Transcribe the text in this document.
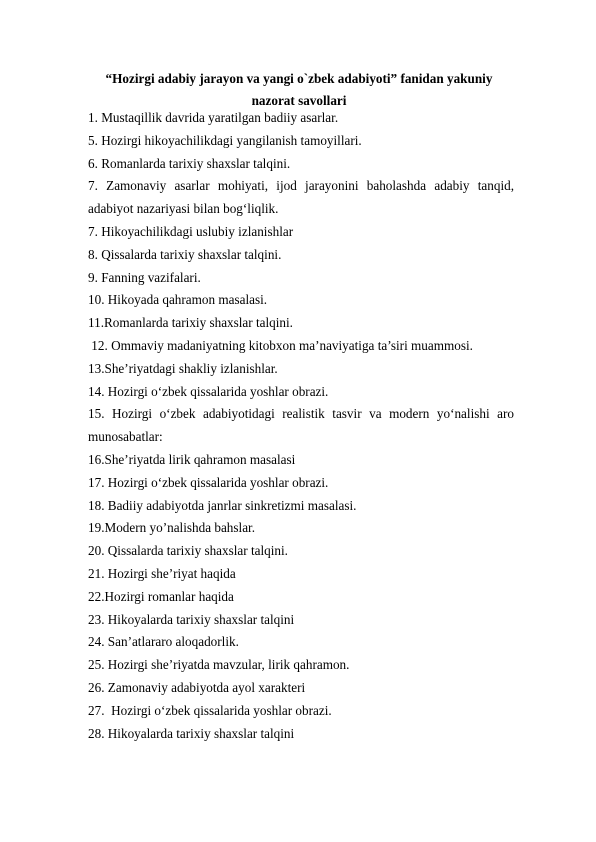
“Hozirgi adabiy jarayon va yangi o`zbek adabiyoti” fanidan yakuniy nazorat savollari
1. Mustaqillik davrida yaratilgan badiiy asarlar.
5. Hozirgi hikoyachilikdagi yangilanish tamoyillari.
6. Romanlarda tarixiy shaxslar talqini.
7. Zamonaviy asarlar mohiyati, ijod jarayonini baholashda adabiy tanqid, adabiyot nazariyasi bilan bog‘liqlik.
7. Hikoyachilikdagi uslubiy izlanishlar
8. Qissalarda tarixiy shaxslar talqini.
9. Fanning vazifalari.
10. Hikoyada qahramon masalasi.
11.Romanlarda tarixiy shaxslar talqini.
12. Ommaviy madaniyatning kitobxon ma’naviyatiga ta’siri muammosi.
13.She’riyatdagi shakliy izlanishlar.
14. Hozirgi o‘zbek qissalarida yoshlar obrazi.
15. Hozirgi o‘zbek adabiyotidagi realistik tasvir va modern yo‘nalishi aro munosabatlar:
16.She’riyatda lirik qahramon masalasi
17. Hozirgi o‘zbek qissalarida yoshlar obrazi.
18. Badiiy adabiyotda janrlar sinkretizmi masalasi.
19.Modern yo’nalishda bahslar.
20. Qissalarda tarixiy shaxslar talqini.
21. Hozirgi she’riyat haqida
22.Hozirgi romanlar haqida
23. Hikoyalarda tarixiy shaxslar talqini
24. San’atlararo aloqadorlik.
25. Hozirgi she’riyatda mavzular, lirik qahramon.
26. Zamonaviy adabiyotda ayol xarakteri
27.  Hozirgi o‘zbek qissalarida yoshlar obrazi.
28. Hikoyalarda tarixiy shaxslar talqini
